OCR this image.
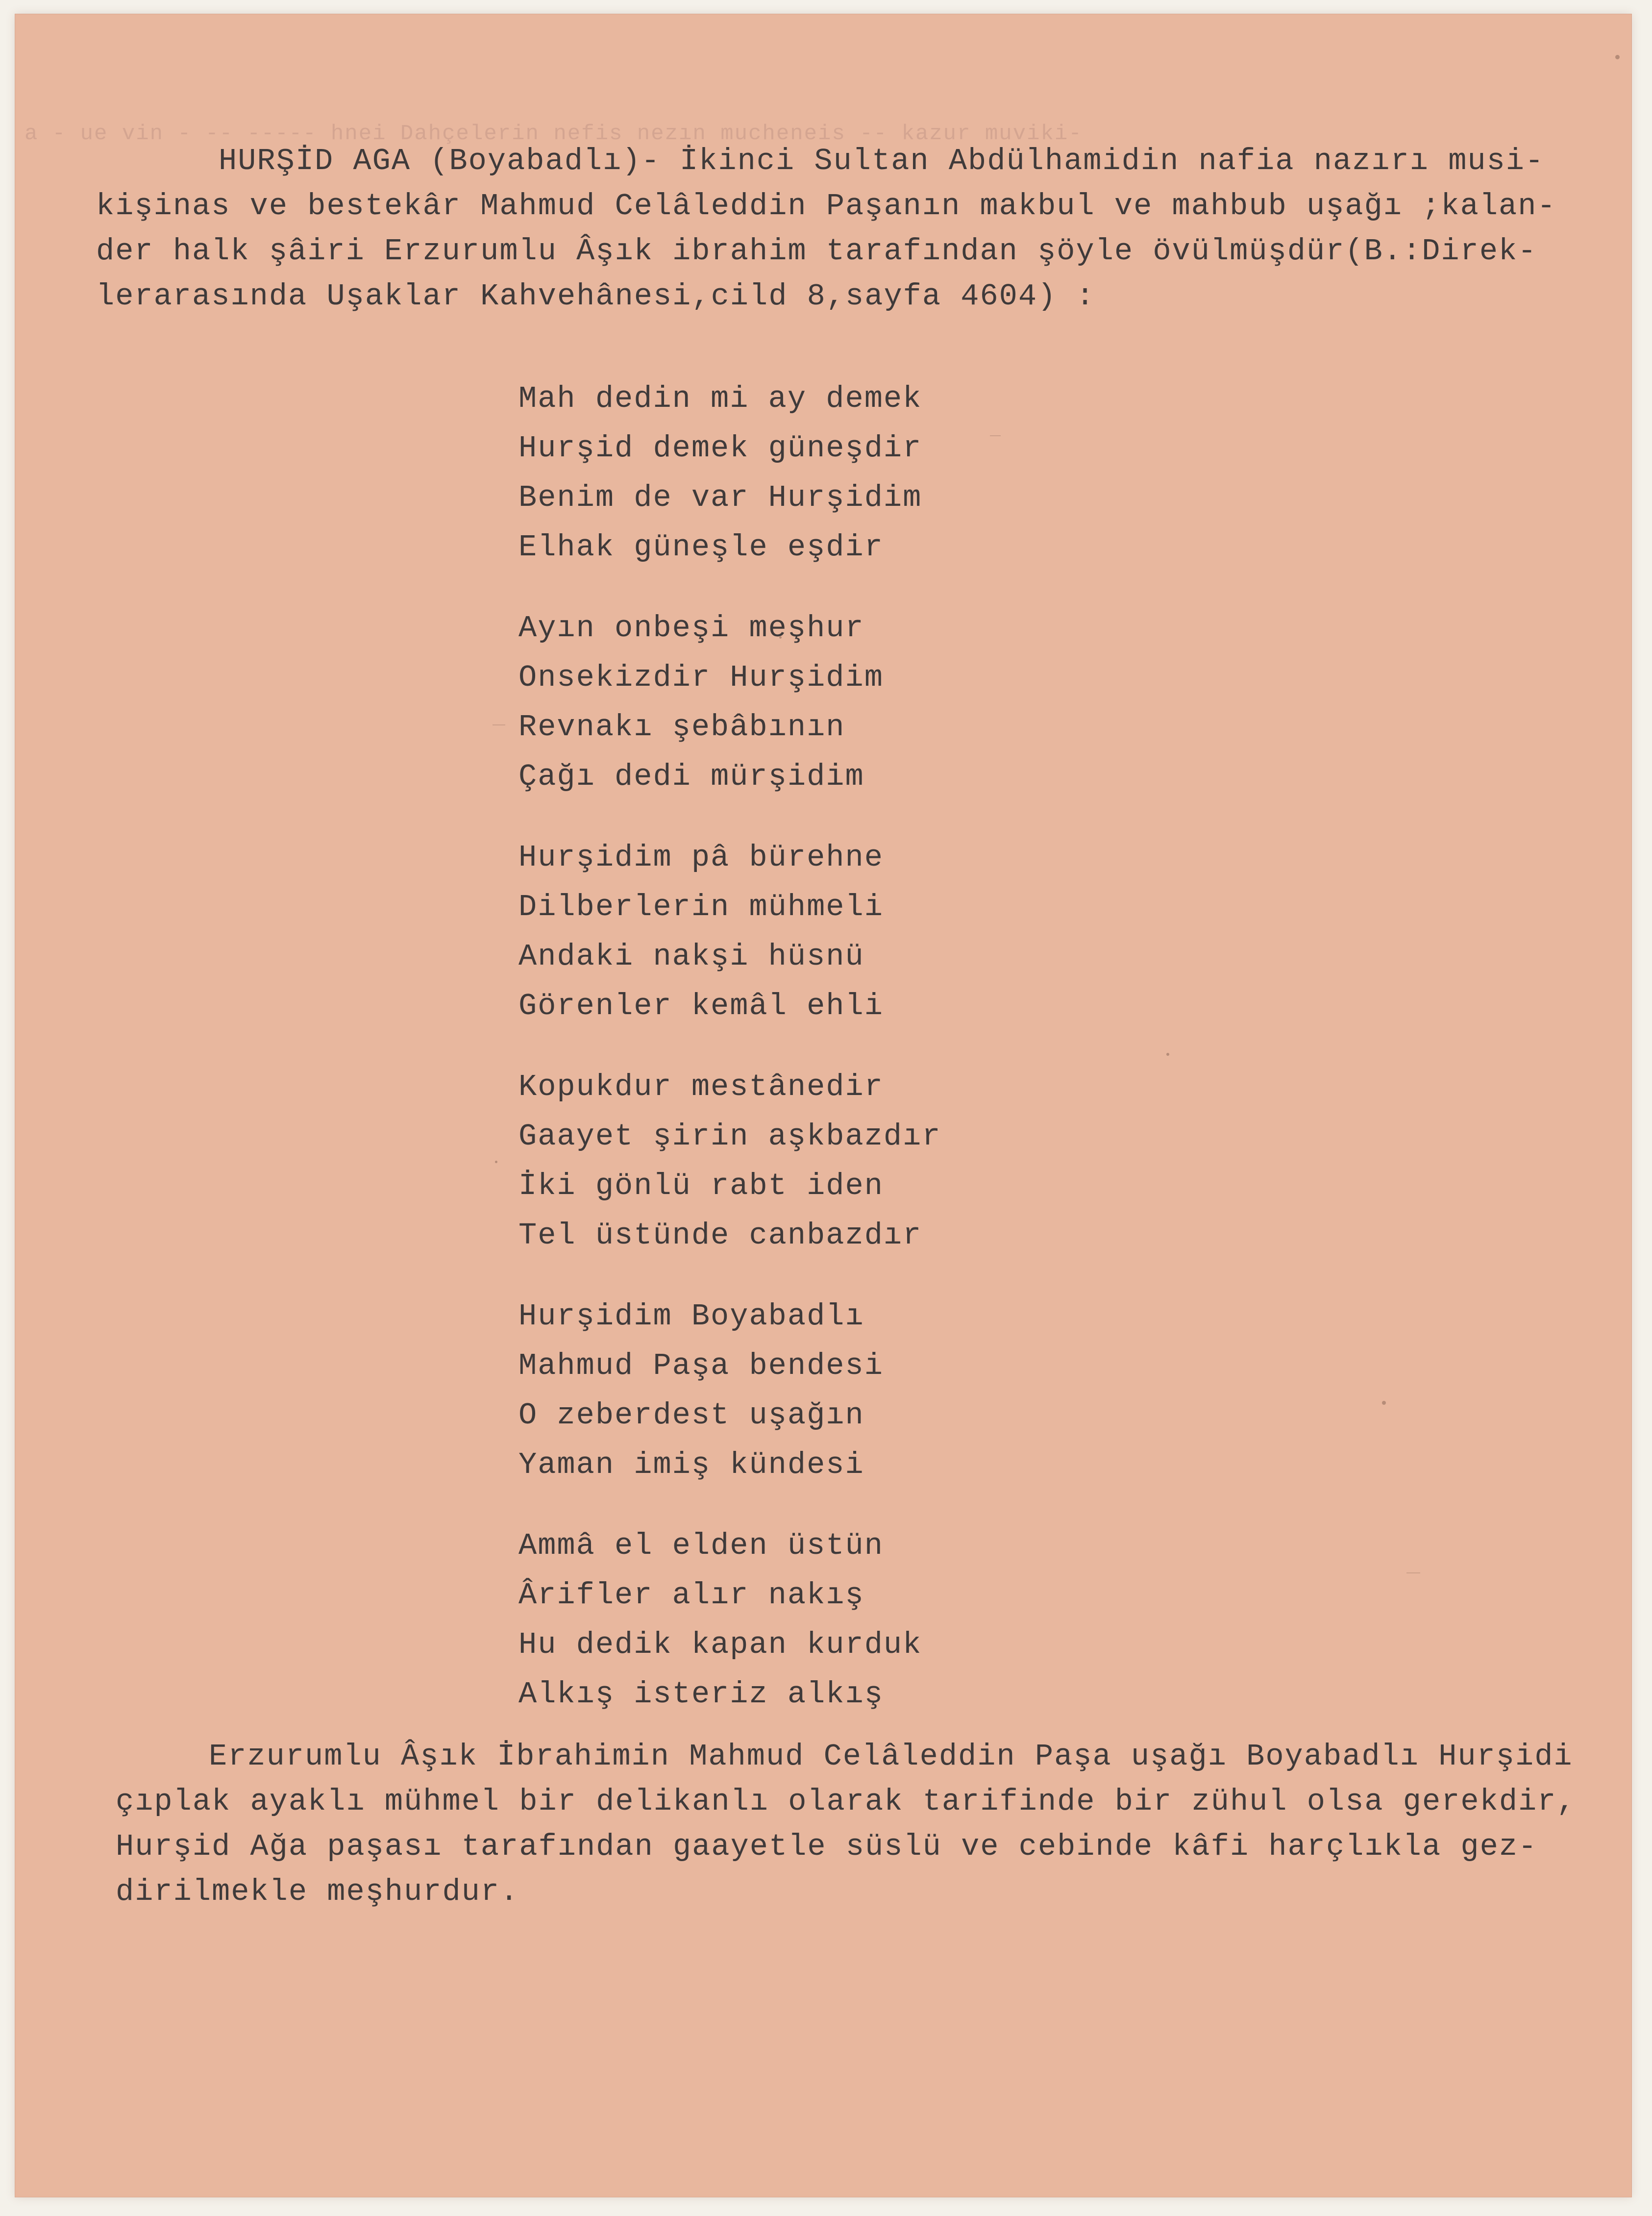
a - ue vin - -- ----- hnei Dahçelerin nefis nezın mucheneis -- kazur muviki-
HURŞİD AGA (Boyabadlı)- İkinci Sultan Abdülhamidin nafia nazırı musi-
kişinas ve bestekâr Mahmud Celâleddin Paşanın makbul ve mahbub uşağı ;kalan-
der halk şâiri Erzurumlu Âşık ibrahim tarafından şöyle övülmüşdür(B.:Direk-
lerarasında Uşaklar Kahvehânesi,cild 8,sayfa 4604) :
Mah dedin mi ay demek
Hurşid demek güneşdir
Benim de var Hurşidim
Elhak güneşle eşdir
Ayın onbeşi meşhur
Onsekizdir Hurşidim
Revnakı şebâbının
Çağı dedi mürşidim
Hurşidim pâ bürehne
Dilberlerin mühmeli
Andaki nakşi hüsnü
Görenler kemâl ehli
Kopukdur mestânedir
Gaayet şirin aşkbazdır
İki gönlü rabt iden
Tel üstünde canbazdır
Hurşidim Boyabadlı
Mahmud Paşa bendesi
O zeberdest uşağın
Yaman imiş kündesi
Ammâ el elden üstün
Ârifler alır nakış
Hu dedik kapan kurduk
Alkış isteriz alkış
Erzurumlu Âşık İbrahimin Mahmud Celâleddin Paşa uşağı Boyabadlı Hurşidi
çıplak ayaklı mühmel bir delikanlı olarak tarifinde bir zühul olsa gerekdir,
Hurşid Ağa paşası tarafından gaayetle süslü ve cebinde kâfi harçlıkla gez-
dirilmekle meşhurdur.
